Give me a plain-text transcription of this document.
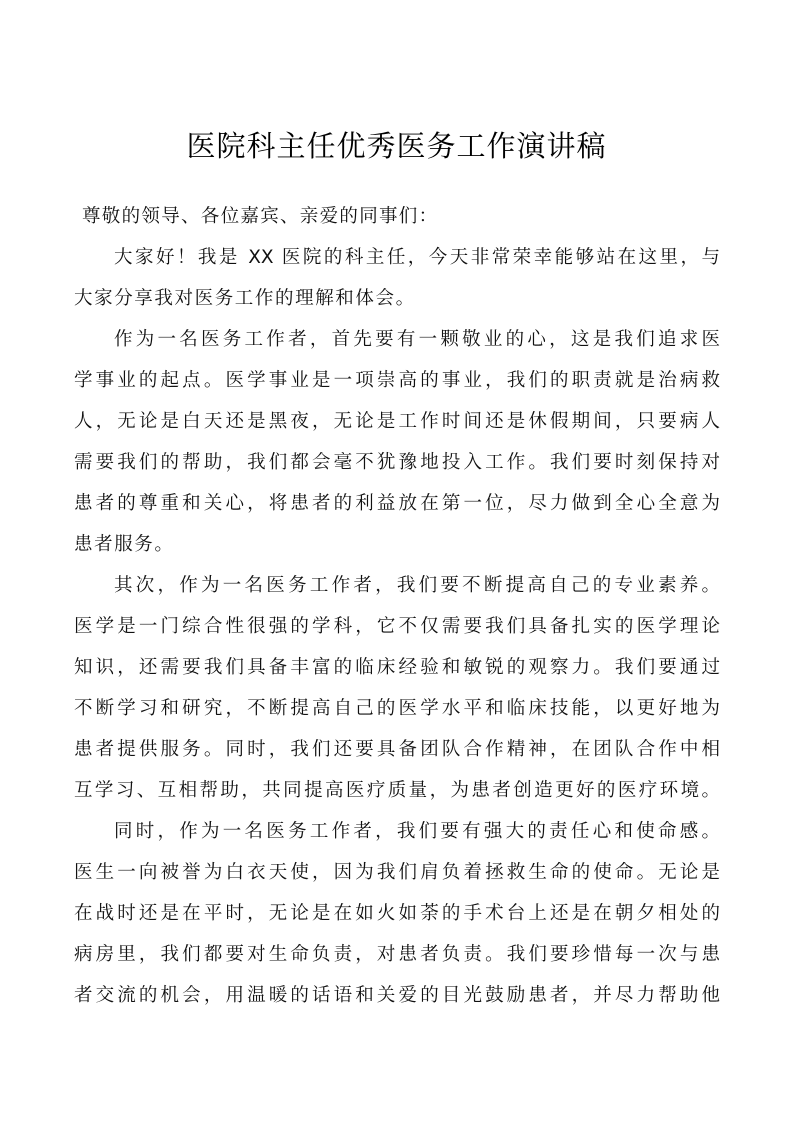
医院科主任优秀医务工作演讲稿
尊敬的领导、各位嘉宾、亲爱的同事们：
大家好！我是 XX 医院的科主任，今天非常荣幸能够站在这里，与
大家分享我对医务工作的理解和体会。
作为一名医务工作者，首先要有一颗敬业的心，这是我们追求医
学事业的起点。医学事业是一项崇高的事业，我们的职责就是治病救
人，无论是白天还是黑夜，无论是工作时间还是休假期间，只要病人
需要我们的帮助，我们都会毫不犹豫地投入工作。我们要时刻保持对
患者的尊重和关心，将患者的利益放在第一位，尽力做到全心全意为
患者服务。
其次，作为一名医务工作者，我们要不断提高自己的专业素养。
医学是一门综合性很强的学科，它不仅需要我们具备扎实的医学理论
知识，还需要我们具备丰富的临床经验和敏锐的观察力。我们要通过
不断学习和研究，不断提高自己的医学水平和临床技能，以更好地为
患者提供服务。同时，我们还要具备团队合作精神，在团队合作中相
互学习、互相帮助，共同提高医疗质量，为患者创造更好的医疗环境。
同时，作为一名医务工作者，我们要有强大的责任心和使命感。
医生一向被誉为白衣天使，因为我们肩负着拯救生命的使命。无论是
在战时还是在平时，无论是在如火如荼的手术台上还是在朝夕相处的
病房里，我们都要对生命负责，对患者负责。我们要珍惜每一次与患
者交流的机会，用温暖的话语和关爱的目光鼓励患者，并尽力帮助他
